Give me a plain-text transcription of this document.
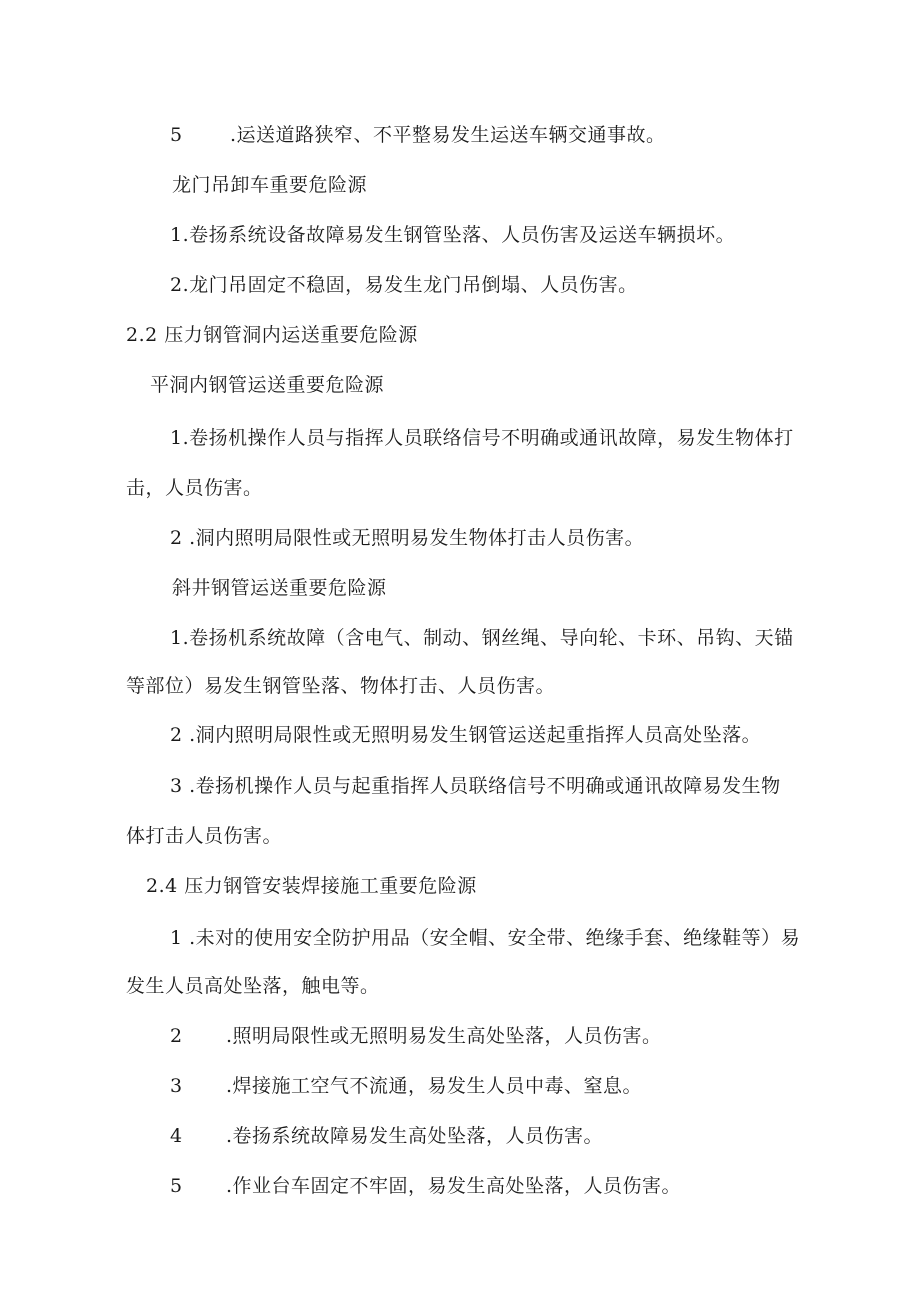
5 .运送道路狭窄、不平整易发生运送车辆交通事故。
龙门吊卸车重要危险源
1.卷扬系统设备故障易发生钢管坠落、人员伤害及运送车辆损坏。
2.龙门吊固定不稳固，易发生龙门吊倒塌、人员伤害。
2.2 压力钢管洞内运送重要危险源
平洞内钢管运送重要危险源
1.卷扬机操作人员与指挥人员联络信号不明确或通讯故障，易发生物体打
击，人员伤害。
2 .洞内照明局限性或无照明易发生物体打击人员伤害。
斜井钢管运送重要危险源
1.卷扬机系统故障（含电气、制动、钢丝绳、导向轮、卡环、吊钩、天锚
等部位）易发生钢管坠落、物体打击、人员伤害。
2 .洞内照明局限性或无照明易发生钢管运送起重指挥人员高处坠落。
3 .卷扬机操作人员与起重指挥人员联络信号不明确或通讯故障易发生物
体打击人员伤害。
2.4 压力钢管安装焊接施工重要危险源
1 .未对的使用安全防护用品（安全帽、安全带、绝缘手套、绝缘鞋等）易
发生人员高处坠落，触电等。
2 .照明局限性或无照明易发生高处坠落，人员伤害。
3 .焊接施工空气不流通，易发生人员中毒、窒息。
4 .卷扬系统故障易发生高处坠落，人员伤害。
5 .作业台车固定不牢固，易发生高处坠落，人员伤害。
